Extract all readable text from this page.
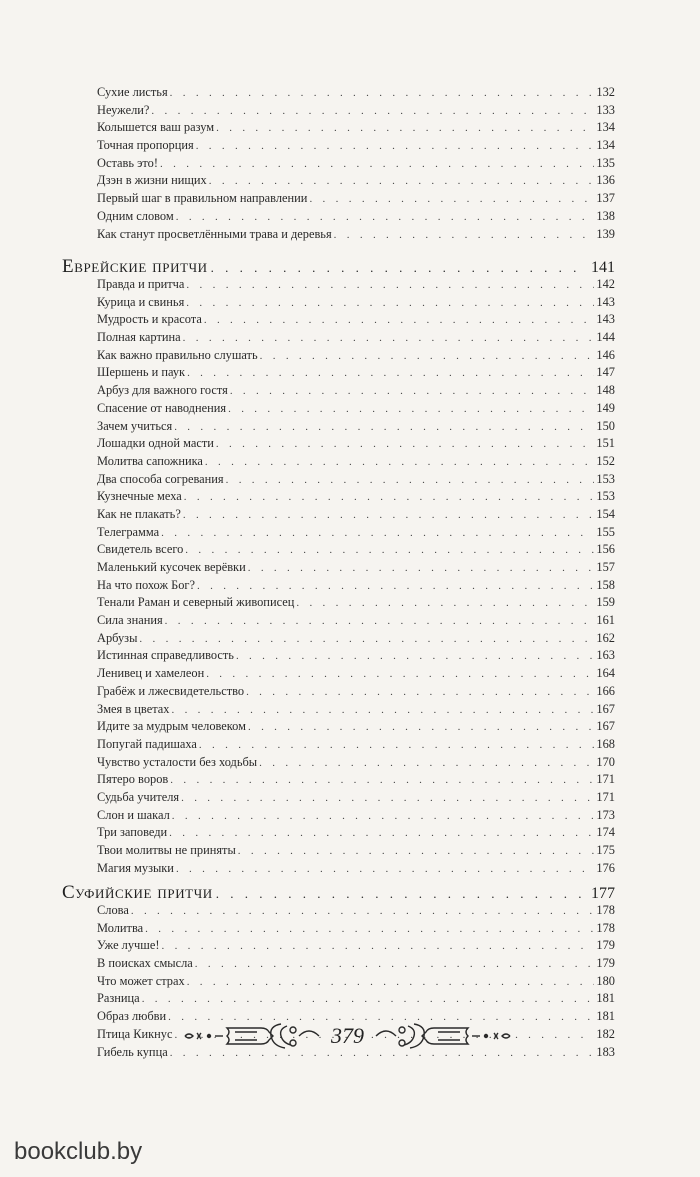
Сухие листья . . .	132
Неужели? . . .	133
Колышется ваш разум . . .	134
Точная пропорция . . .	134
Оставь это! . . .	135
Дзэн в жизни нищих . . .	136
Первый шаг в правильном направлении . . .	137
Одним словом . . .	138
Как станут просветлёнными трава и деревья . . .	139
Еврейские притчи . . .	141
Правда и притча . . .	142
Курица и свинья . . .	143
Мудрость и красота . . .	143
Полная картина . . .	144
Как важно правильно слушать . . .	146
Шершень и паук . . .	147
Арбуз для важного гостя . . .	148
Спасение от наводнения . . .	149
Зачем учиться . . .	150
Лошадки одной масти . . .	151
Молитва сапожника . . .	152
Два способа согревания . . .	153
Кузнечные меха . . .	153
Как не плакать? . . .	154
Телеграмма . . .	155
Свидетель всего . . .	156
Маленький кусочек верёвки . . .	157
На что похож Бог? . . .	158
Тенали Раман и северный живописец . . .	159
Сила знания . . .	161
Арбузы . . .	162
Истинная справедливость . . .	163
Ленивец и хамелеон . . .	164
Грабёж и лжесвидетельство . . .	166
Змея в цветах . . .	167
Идите за мудрым человеком . . .	167
Попугай падишаха . . .	168
Чувство усталости без ходьбы . . .	170
Пятеро воров . . .	171
Судьба учителя . . .	171
Слон и шакал . . .	173
Три заповеди . . .	174
Твои молитвы не приняты . . .	175
Магия музыки . . .	176
Суфийские притчи . . .	177
Слова . . .	178
Молитва . . .	178
Уже лучше! . . .	179
В поисках смысла . . .	179
Что может страх . . .	180
Разница . . .	181
Образ любви . . .	181
Птица Кикнус . . .	182
Гибель купца . . .	183
379
bookclub.by
